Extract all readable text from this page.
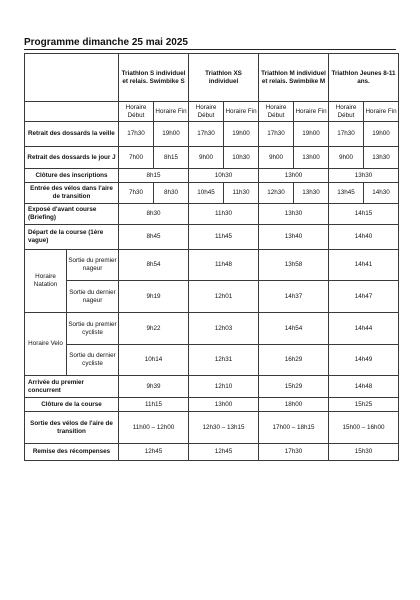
Programme dimanche 25 mai 2025
		Triathlon S individuel et relais. Swimbike S		Triathlon XS individuel		Triathlon M individuel et relais. Swimbike M		Triathlon Jeunes 8-11 ans.	
		Horaire Début	Horaire Fin	Horaire Début	Horaire Fin	Horaire Début	Horaire Fin	Horaire Début	Horaire Fin
Retrait des dossards la veille		17h30	19h00	17h30	19h00	17h30	19h00	17h30	19h00
Retrait des dossards le jour J		7h00	8h15	9h00	10h30	9h00	13h00	9h00	13h30
Clôture des inscriptions		8h15		10h30		13h00		13h30	
Entrée des vélos dans l'aire de transition		7h30	8h30	10h45	11h30	12h30	13h30	13h45	14h30
Exposé d'avant course (Briefing)		8h30		11h30		13h30		14h15	
Départ de la course (1ère vague)		8h45		11h45		13h40		14h40	
Horaire Natation	Sortie du premier nageur	8h54		11h48		13h58		14h41	
	Sortie du dernier nageur	9h19		12h01		14h37		14h47	
Horaire Velo	Sortie du premier cycliste	9h22		12h03		14h54		14h44	
	Sortie du dernier cycliste	10h14		12h31		16h29		14h49	
Arrivée du premier concurrent		9h39		12h10		15h29		14h48	
Clôture de la course		11h15		13h00		18h00		15h25	
Sortie des vélos de l'aire de transition		11h00 – 12h00		12h30 – 13h15		17h00 – 18h15		15h00 – 16h00	
Remise des récompenses		12h45		12h45		17h30		15h30	
